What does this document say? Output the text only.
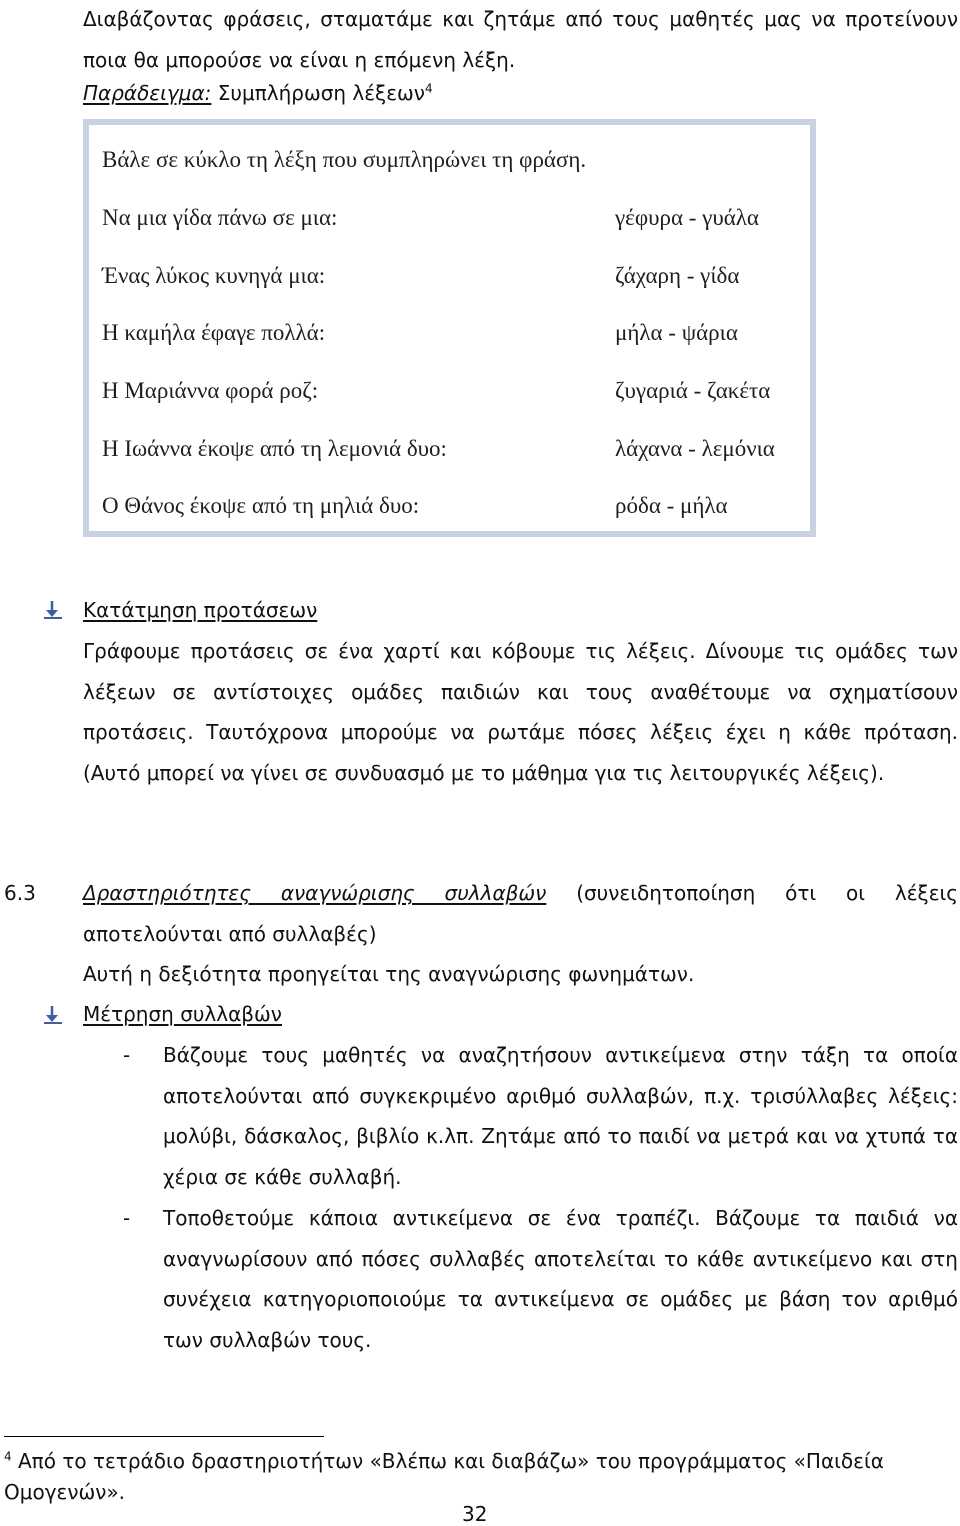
Διαβάζοντας φράσεις, σταματάμε και ζητάμε από τους μαθητές μας να προτείνουν ποια θα μπορούσε να είναι η επόμενη λέξη.
Παράδειγμα: Συμπλήρωση λέξεων$^4$
Βάλε σε κύκλο τη λέξη που συμπληρώνει τη φράση.
Να μια γίδα πάνω σε μια:	γέφυρα - γυάλα
Ένας λύκος κυνηγά μια:	ζάχαρη - γίδα
Η καμήλα έφαγε πολλά:	μήλα - ψάρια
Η Μαριάννα φορά ροζ:	ζυγαριά - ζακέτα
Η Ιωάννα έκοψε από τη λεμονιά δυο:	λάχανα - λεμόνια
Ο Θάνος έκοψε από τη μηλιά δυο:	ρόδα - μήλα
Κατάτμηση προτάσεων
Γράφουμε προτάσεις σε ένα χαρτί και κόβουμε τις λέξεις. Δίνουμε τις ομάδες των λέξεων σε αντίστοιχες ομάδες παιδιών και τους αναθέτουμε να σχηματίσουν προτάσεις. Ταυτόχρονα μπορούμε να ρωτάμε πόσες λέξεις έχει η κάθε πρόταση. (Αυτό μπορεί να γίνει σε συνδυασμό με το μάθημα για τις λειτουργικές λέξεις).
6.3 Δραστηριότητες αναγνώρισης συλλαβών (συνειδητοποίηση ότι οι λέξεις αποτελούνται από συλλαβές)
Αυτή η δεξιότητα προηγείται της αναγνώρισης φωνημάτων.
Μέτρηση συλλαβών
- Βάζουμε τους μαθητές να αναζητήσουν αντικείμενα στην τάξη τα οποία αποτελούνται από συγκεκριμένο αριθμό συλλαβών, π.χ. τρισύλλαβες λέξεις: μολύβι, δάσκαλος, βιβλίο κ.λπ. Ζητάμε από το παιδί να μετρά και να χτυπά τα χέρια σε κάθε συλλαβή.
- Τοποθετούμε κάποια αντικείμενα σε ένα τραπέζι. Βάζουμε τα παιδιά να αναγνωρίσουν από πόσες συλλαβές αποτελείται το κάθε αντικείμενο και στη συνέχεια κατηγοριοποιούμε τα αντικείμενα σε ομάδες με βάση τον αριθμό των συλλαβών τους.
$^4$ Από το τετράδιο δραστηριοτήτων «Βλέπω και διαβάζω» του προγράμματος «Παιδεία Ομογενών».
32
